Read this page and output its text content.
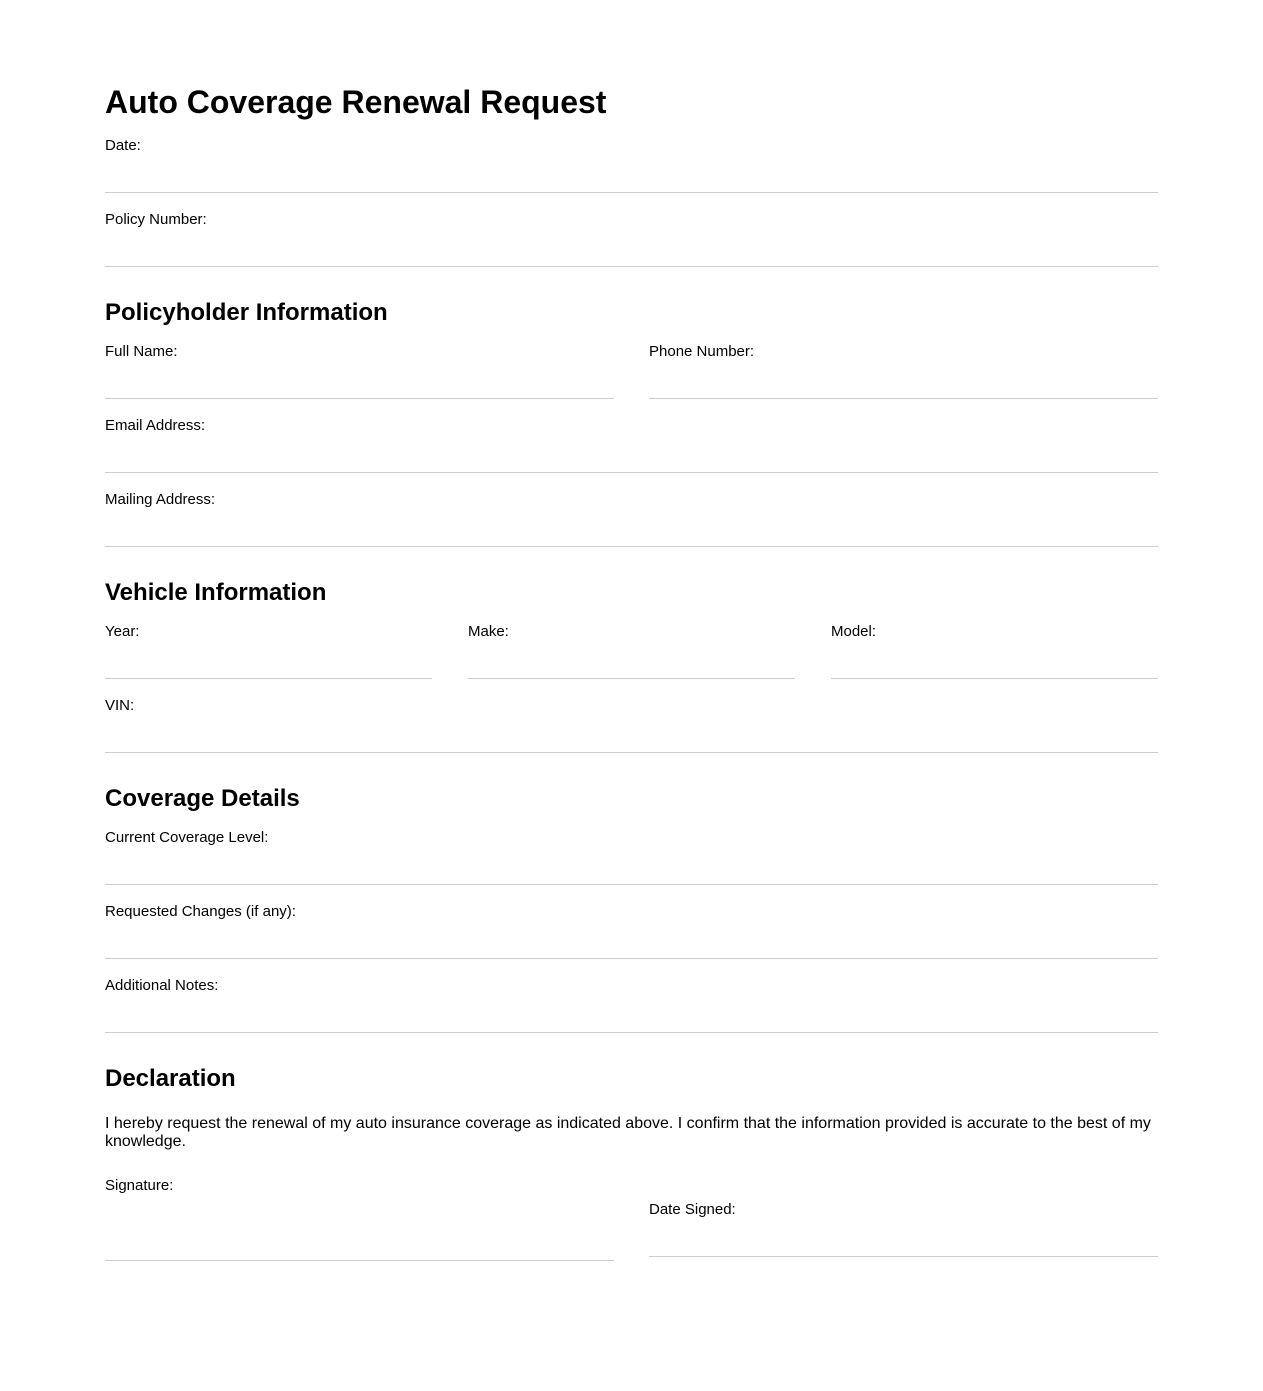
Auto Coverage Renewal Request
Date:
Policy Number:
Policyholder Information
Full Name:	Phone Number:
Email Address:
Mailing Address:
Vehicle Information
Year:	Make:	Model:
VIN:
Coverage Details
Current Coverage Level:
Requested Changes (if any):
Additional Notes:
Declaration

I hereby request the renewal of my auto insurance coverage as indicated above. I confirm that the information provided is accurate to the best of my knowledge.

Signature:
Date Signed:
